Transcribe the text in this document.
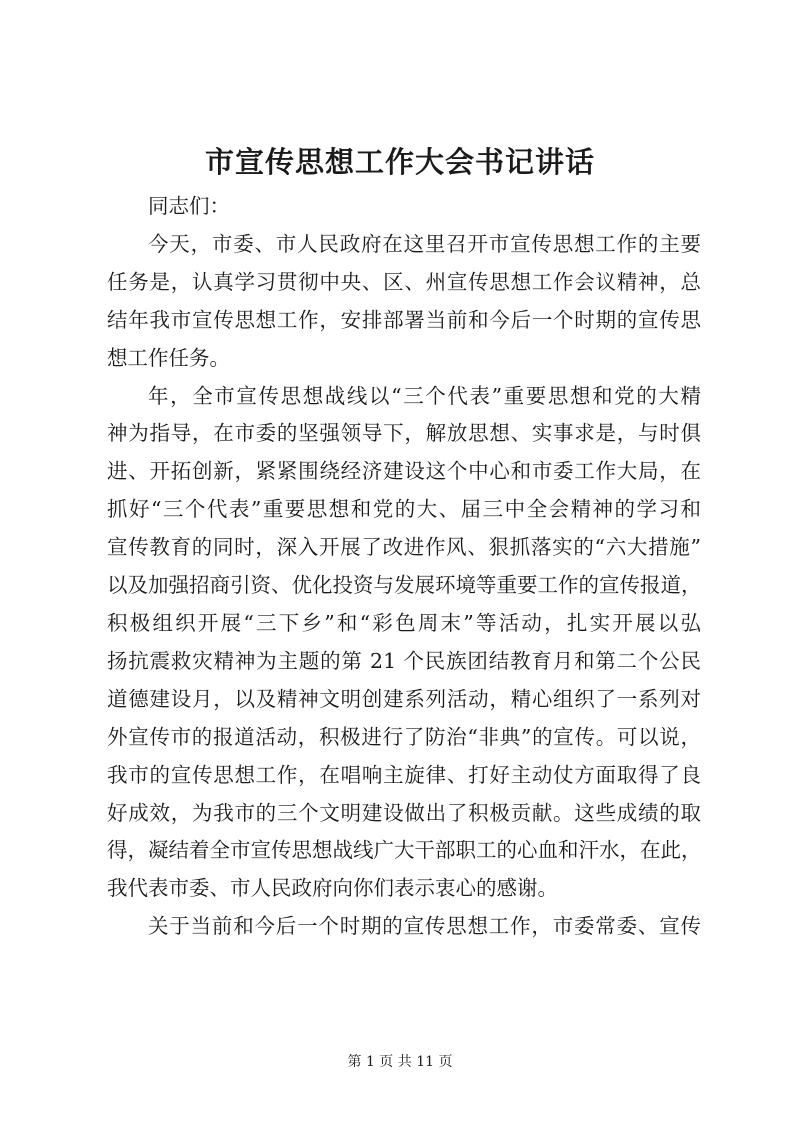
市宣传思想工作大会书记讲话
同志们：
今天，市委、市人民政府在这里召开市宣传思想工作的主要
任务是，认真学习贯彻中央、区、州宣传思想工作会议精神，总
结年我市宣传思想工作，安排部署当前和今后一个时期的宣传思
想工作任务。
年，全市宣传思想战线以“三个代表”重要思想和党的大精
神为指导，在市委的坚强领导下，解放思想、实事求是，与时俱
进、开拓创新，紧紧围绕经济建设这个中心和市委工作大局，在
抓好“三个代表”重要思想和党的大、届三中全会精神的学习和
宣传教育的同时，深入开展了改进作风、狠抓落实的“六大措施”
以及加强招商引资、优化投资与发展环境等重要工作的宣传报道，
积极组织开展“三下乡”和“彩色周末”等活动，扎实开展以弘
扬抗震救灾精神为主题的第 21 个民族团结教育月和第二个公民
道德建设月，以及精神文明创建系列活动，精心组织了一系列对
外宣传市的报道活动，积极进行了防治“非典”的宣传。可以说，
我市的宣传思想工作，在唱响主旋律、打好主动仗方面取得了良
好成效，为我市的三个文明建设做出了积极贡献。这些成绩的取
得，凝结着全市宣传思想战线广大干部职工的心血和汗水，在此，
我代表市委、市人民政府向你们表示衷心的感谢。
关于当前和今后一个时期的宣传思想工作，市委常委、宣传
第 1 页 共 11 页
